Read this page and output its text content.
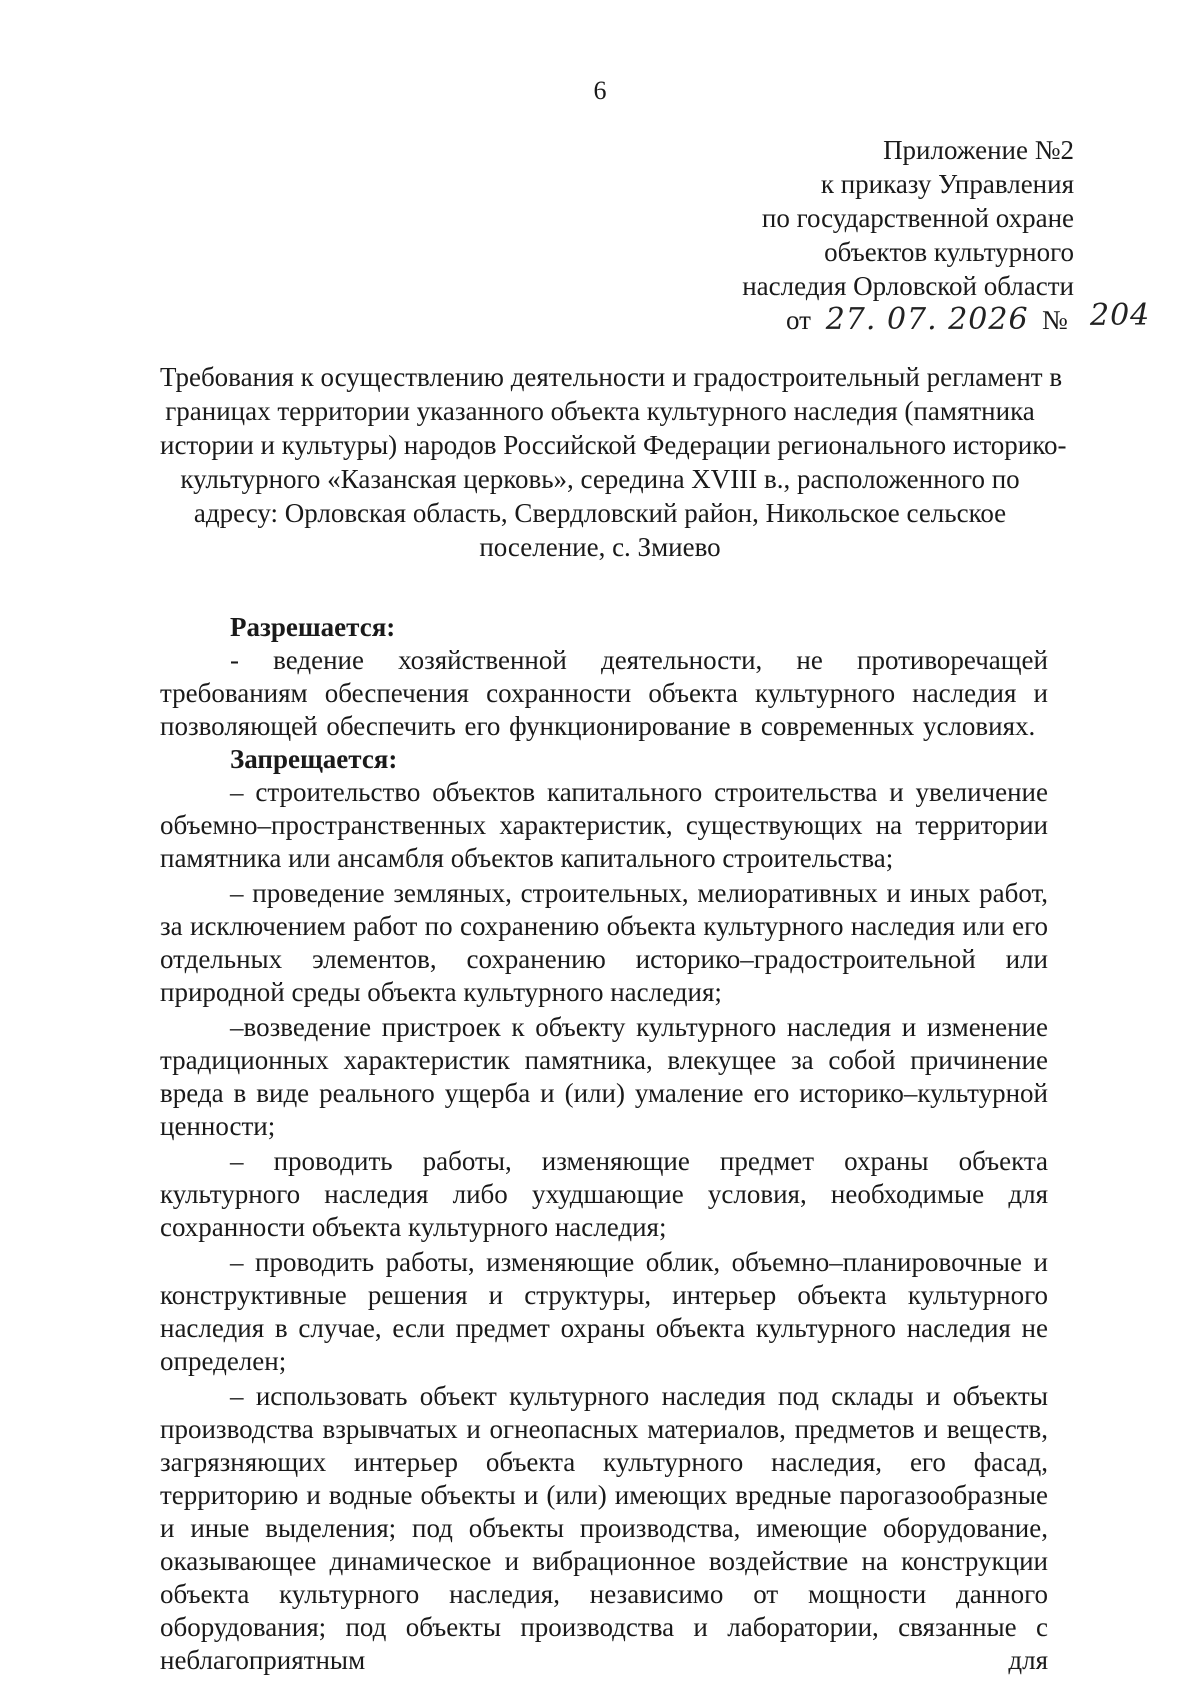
6
Приложение №2
к приказу Управления
по государственной охране
объектов культурного
наследия Орловской области
от 27. 07. 2026 № 204
Требования к осуществлению деятельности и градостроительный регламент в
границах территории указанного объекта культурного наследия (памятника
истории и культуры) народов Российской Федерации регионального историко-
культурного «Казанская церковь», середина XVIII в., расположенного по
адресу: Орловская область, Свердловский район, Никольское сельское
поселение, с. Змиево
Разрешается:

- ведение хозяйственной деятельности, не противоречащей требованиям обеспечения сохранности объекта культурного наследия и позволяющей обеспечить его функционирование в современных условиях.

Запрещается:

– строительство объектов капитального строительства и увеличение объемно–пространственных характеристик, существующих на территории памятника или ансамбля объектов капитального строительства;

– проведение земляных, строительных, мелиоративных и иных работ, за исключением работ по сохранению объекта культурного наследия или его отдельных элементов, сохранению историко–градостроительной или природной среды объекта культурного наследия;

–возведение пристроек к объекту культурного наследия и изменение традиционных характеристик памятника, влекущее за собой причинение вреда в виде реального ущерба и (или) умаление его историко–культурной ценности;

– проводить работы, изменяющие предмет охраны объекта культурного наследия либо ухудшающие условия, необходимые для сохранности объекта культурного наследия;

– проводить работы, изменяющие облик, объемно–планировочные и конструктивные решения и структуры, интерьер объекта культурного наследия в случае, если предмет охраны объекта культурного наследия не определен;

– использовать объект культурного наследия под склады и объекты производства взрывчатых и огнеопасных материалов, предметов и веществ, загрязняющих интерьер объекта культурного наследия, его фасад, территорию и водные объекты и (или) имеющих вредные парогазообразные и иные выделения; под объекты производства, имеющие оборудование, оказывающее динамическое и вибрационное воздействие на конструкции объекта культурного наследия, независимо от мощности данного оборудования; под объекты производства и лаборатории, связанные с неблагоприятным для
